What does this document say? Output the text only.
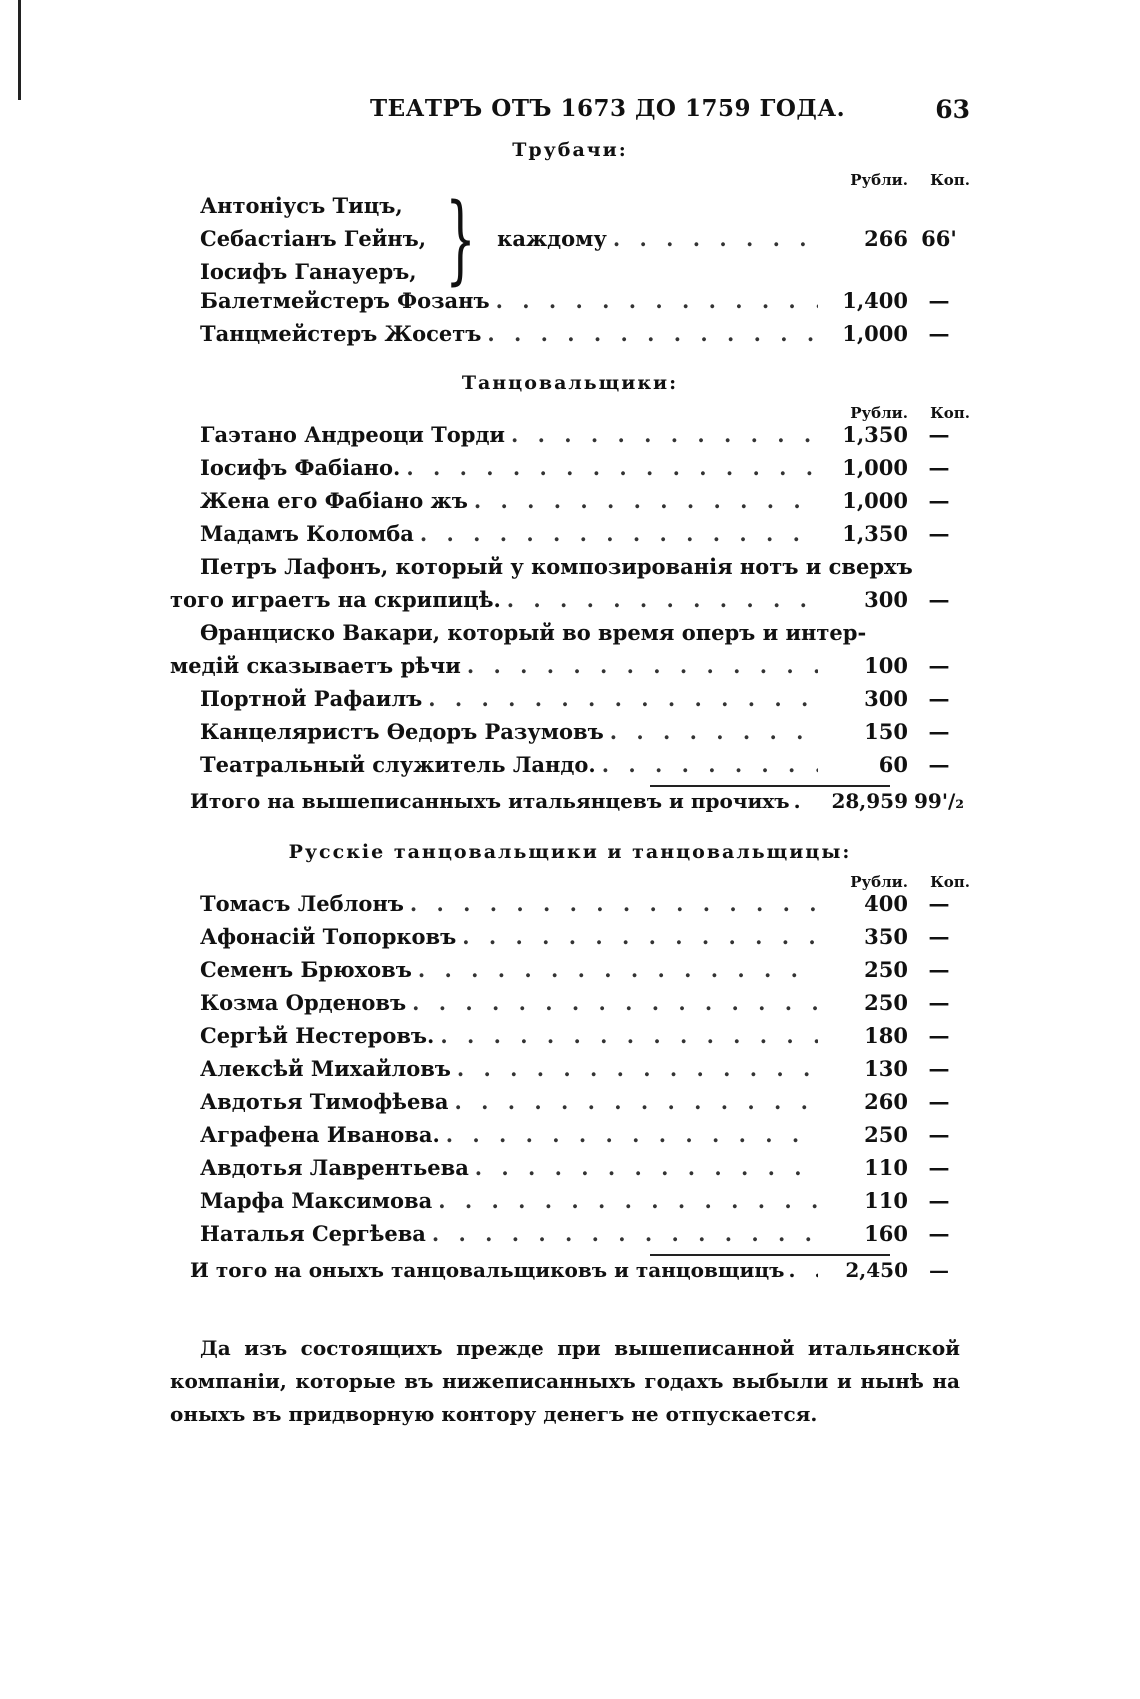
ТЕАТРЪ ОТЪ 1673 ДО 1759 ГОДА.	63
Трубачи:
Рубли.	Коп.
Антоніусъ Тицъ,
Себастіанъ Гейнъ,
Іосифъ Ганауеръ, } каждому . . .	266 66'
Балетмейстеръ Фозанъ . . .	1,400 —
Танцмейстеръ Жосетъ . . .	1,000 —
Танцовальщики:
Рубли.	Коп.
Гаэтано Андреоци Торди . . .	1,350 —
Іосифъ Фабіано. . . .	1,000 —
Жена его Фабіано жъ . . .	1,000 —
Мадамъ Коломба . . .	1,350 —
Петръ Лафонъ, который у композированія нотъ и сверхъ
того играетъ на скрипицѣ. . . .	300 —
Өранциско Вакари, который во время оперъ и интер-
медій сказываетъ рѣчи . . .	100 —
Портной Рафаилъ . . .	300 —
Канцеляристъ Өедоръ Разумовъ . . .	150 —
Театральный служитель Ландо. . . .	60 —
Итого на вышеписанныхъ итальянцевъ и прочихъ . . .	28,959 99'/₂
Русскіе танцовальщики и танцовальщицы:
Рубли.	Коп.
Томасъ Леблонъ . . .	400 —
Афонасій Топорковъ . . .	350 —
Семенъ Брюховъ . . .	250 —
Козма Орденовъ . . .	250 —
Сергѣй Нестеровъ. . . .	180 —
Алексѣй Михайловъ . . .	130 —
Авдотья Тимофѣева . . .	260 —
Аграфена Иванова. . . .	250 —
Авдотья Лаврентьева . . .	110 —
Марфа Максимова . . .	110 —
Наталья Сергѣева . . .	160 —
И того на оныхъ танцовальщиковъ и танцовщицъ . . .	2,450	—
Да изъ состоящихъ прежде при вышеписанной итальянской компаніи, которые въ нижеписанныхъ годахъ выбыли и нынѣ на оныхъ въ придворную контору денегъ не отпускается.
